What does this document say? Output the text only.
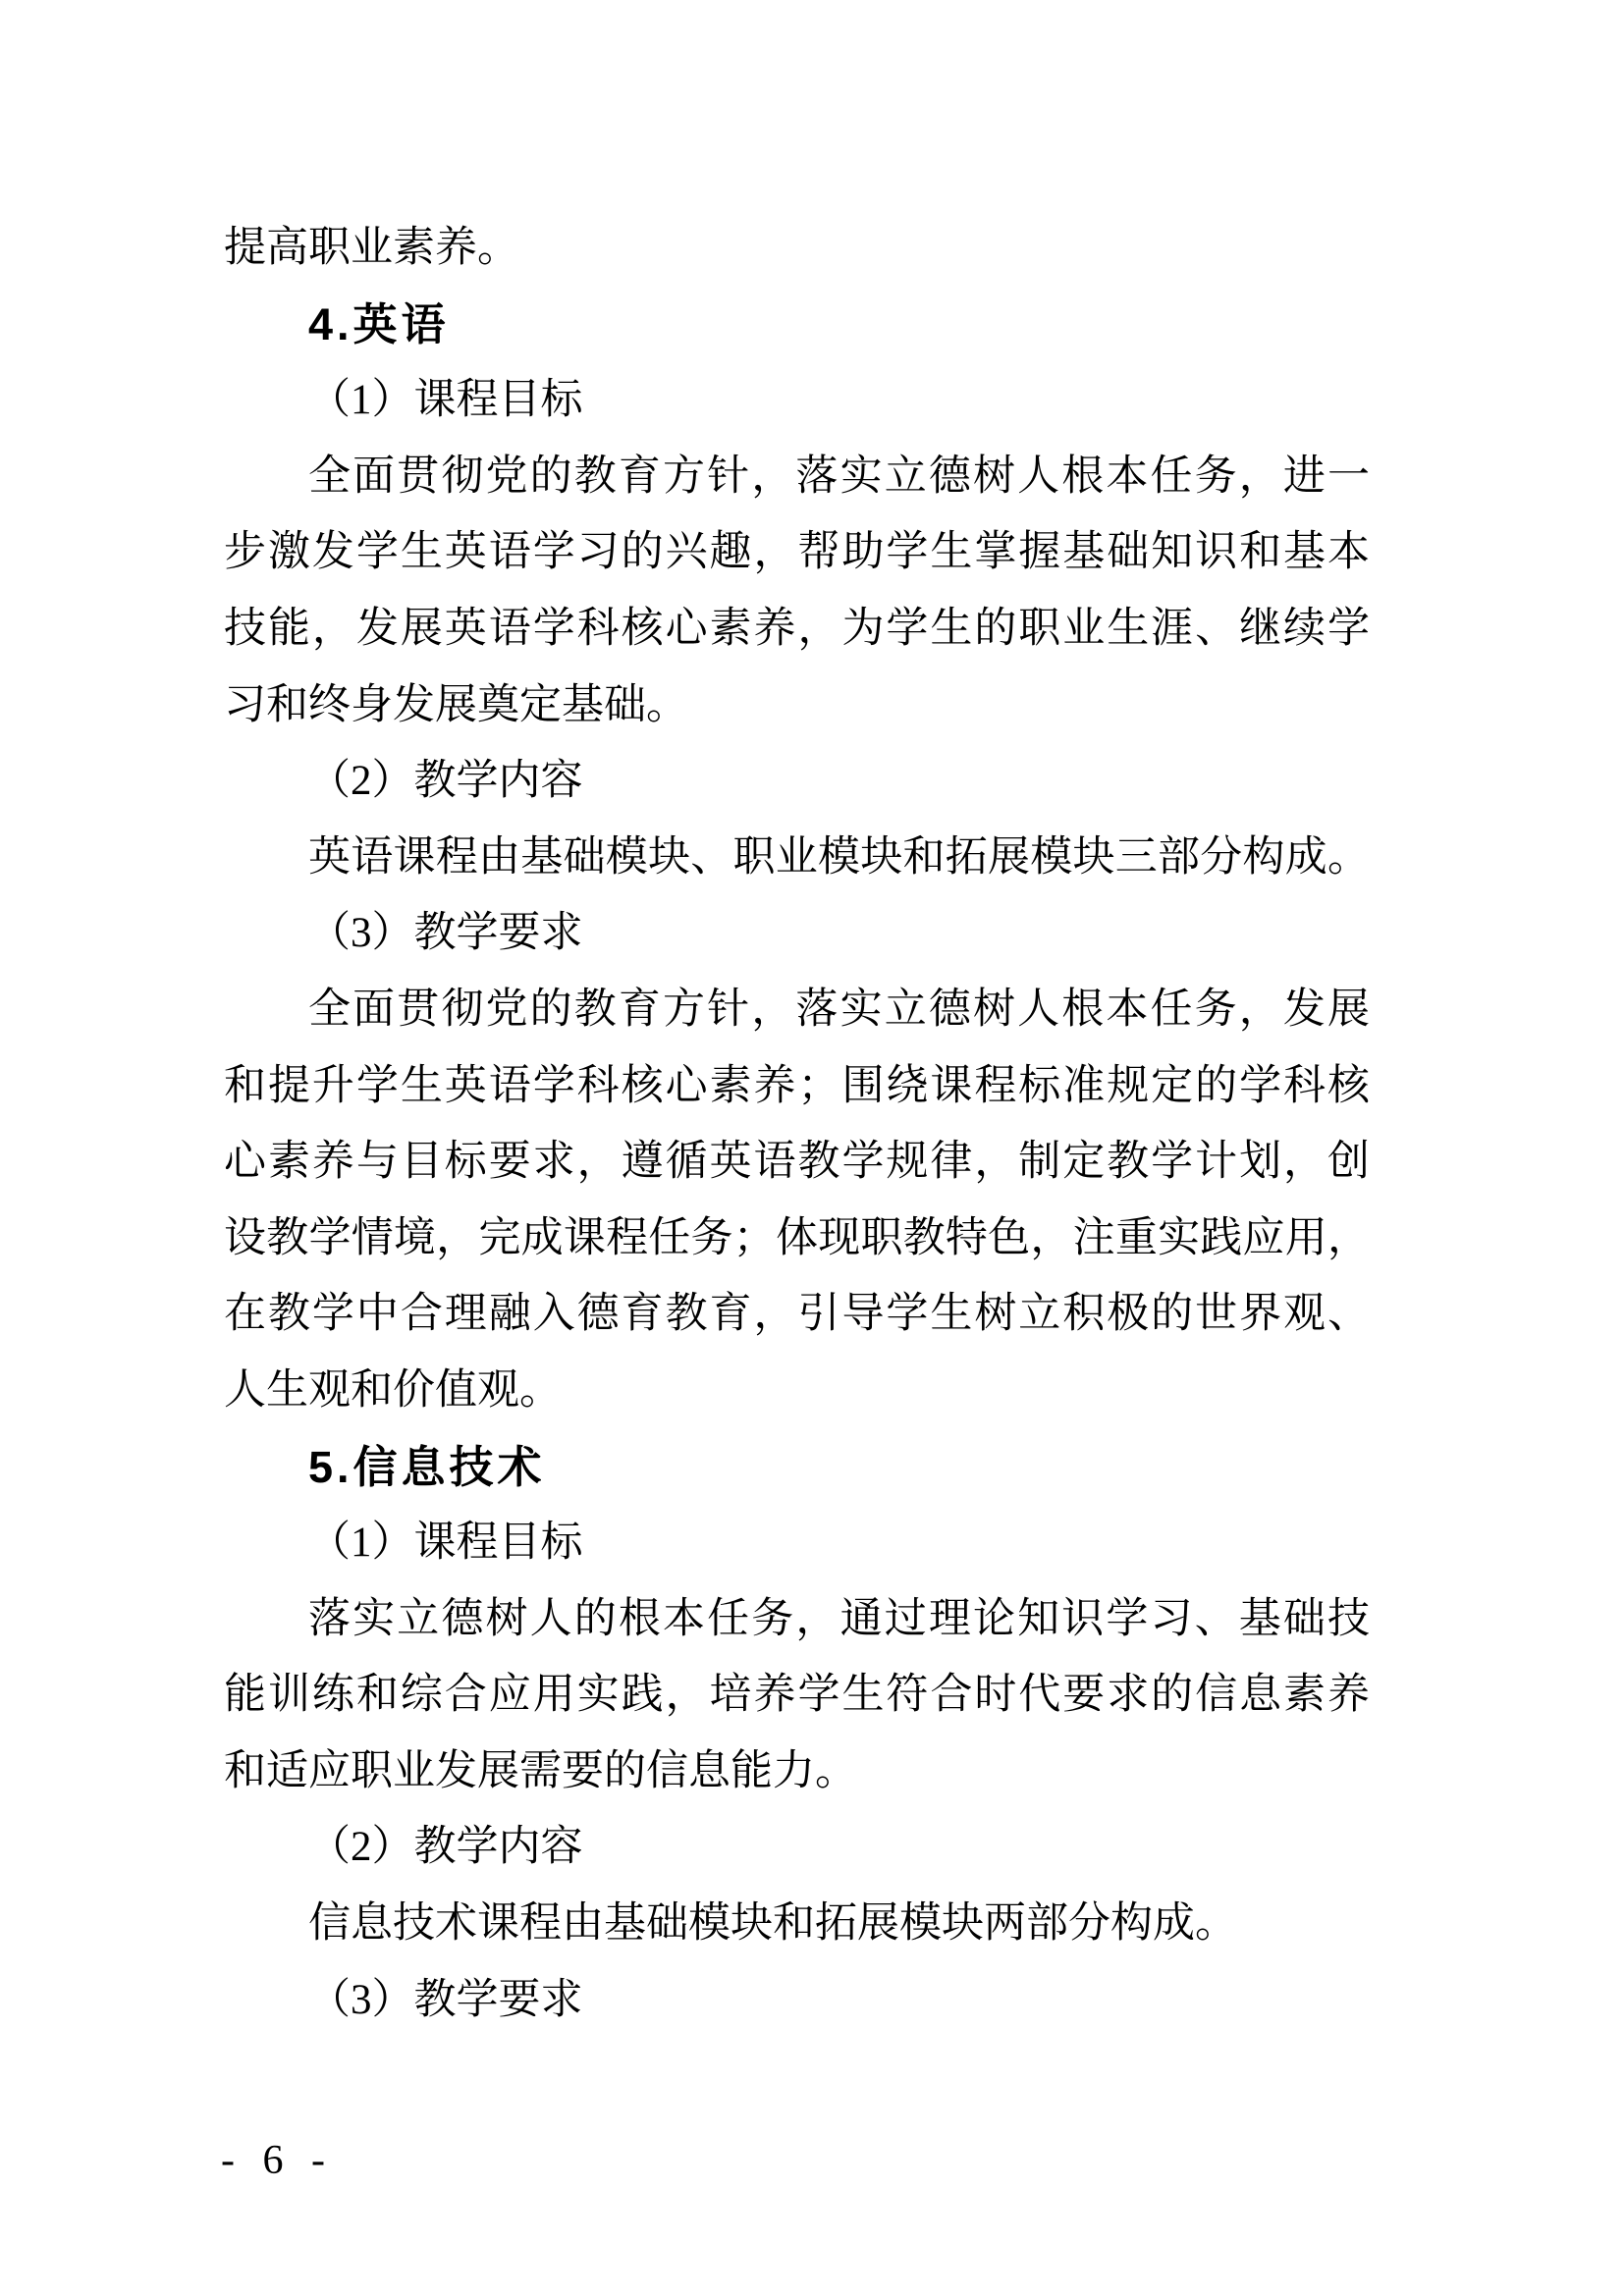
提高职业素养。
4.英语
（1）课程目标
全面贯彻党的教育方针，落实立德树人根本任务，进一
步激发学生英语学习的兴趣，帮助学生掌握基础知识和基本
技能，发展英语学科核心素养，为学生的职业生涯、继续学
习和终身发展奠定基础。
（2）教学内容
英语课程由基础模块、职业模块和拓展模块三部分构成。
（3）教学要求
全面贯彻党的教育方针，落实立德树人根本任务，发展
和提升学生英语学科核心素养；围绕课程标准规定的学科核
心素养与目标要求，遵循英语教学规律，制定教学计划，创
设教学情境，完成课程任务；体现职教特色，注重实践应用，
在教学中合理融入德育教育，引导学生树立积极的世界观、
人生观和价值观。
5.信息技术
（1）课程目标
落实立德树人的根本任务，通过理论知识学习、基础技
能训练和综合应用实践，培养学生符合时代要求的信息素养
和适应职业发展需要的信息能力。
（2）教学内容
信息技术课程由基础模块和拓展模块两部分构成。
（3）教学要求
- 6 -
